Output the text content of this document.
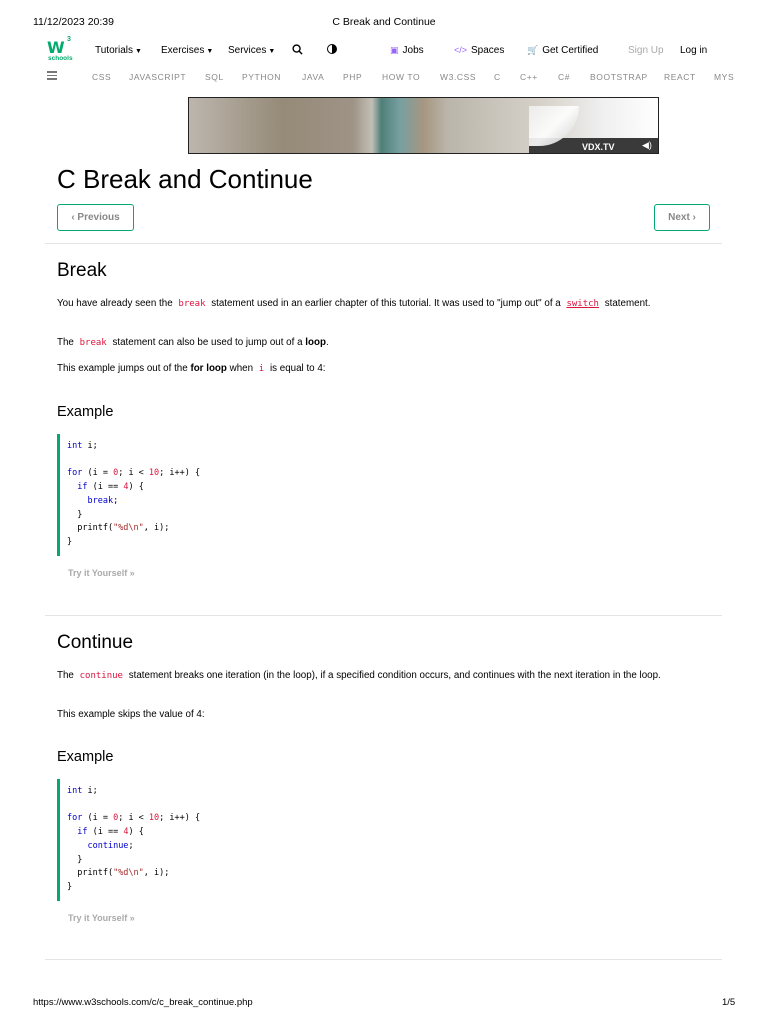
11/12/2023 20:39	C Break and Continue
W 3
schools
Tutorials ▼ Exercises ▼ Services ▼	▣ Jobs	</> Spaces	🛒 Get Certified	Sign Up Log in
CSS JAVASCRIPT SQL PYTHON JAVA PHP HOW TO W3.CSS C C++ C# BOOTSTRAP REACT MYS
VDX.TV	◀)
C Break and Continue
‹ Previous	Next ›
Break

You have already seen the break statement used in an earlier chapter of this tutorial. It was used to "jump out" of a switch statement.

The break statement can also be used to jump out of a loop.

This example jumps out of the for loop when i is equal to 4:

Example
int i;

for (i = 0; i < 10; i++) {
if (i == 4) {
break;
}
printf("%d\n", i);
}
Try it Yourself »
Continue

The continue statement breaks one iteration (in the loop), if a specified condition occurs, and continues with the next iteration in the loop.

This example skips the value of 4:

Example
int i;

for (i = 0; i < 10; i++) {
if (i == 4) {
continue;
}
printf("%d\n", i);
}
Try it Yourself »
https://www.w3schools.com/c/c_break_continue.php	1/5
